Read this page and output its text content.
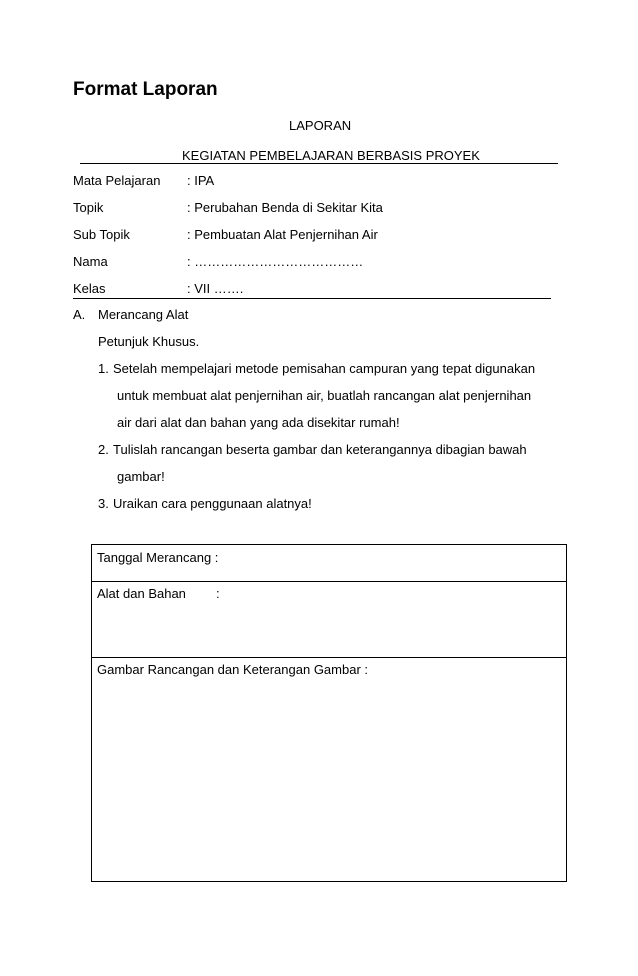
Format Laporan
LAPORAN
KEGIATAN PEMBELAJARAN BERBASIS PROYEK
Mata Pelajaran : IPA
Topik	: Perubahan Benda di Sekitar Kita
Sub Topik	: Pembuatan Alat Penjernihan Air
Nama	: …………………………………
Kelas	: VII …….
A. Merancang Alat
Petunjuk Khusus.
1. Setelah mempelajari metode pemisahan campuran yang tepat digunakan
untuk membuat alat penjernihan air, buatlah rancangan alat penjernihan
air dari alat dan bahan yang ada disekitar rumah!
2. Tulislah rancangan beserta gambar dan keterangannya dibagian bawah
gambar!
3. Uraikan cara penggunaan alatnya!
Tanggal Merancang :
Alat dan Bahan :
Gambar Rancangan dan Keterangan Gambar :
